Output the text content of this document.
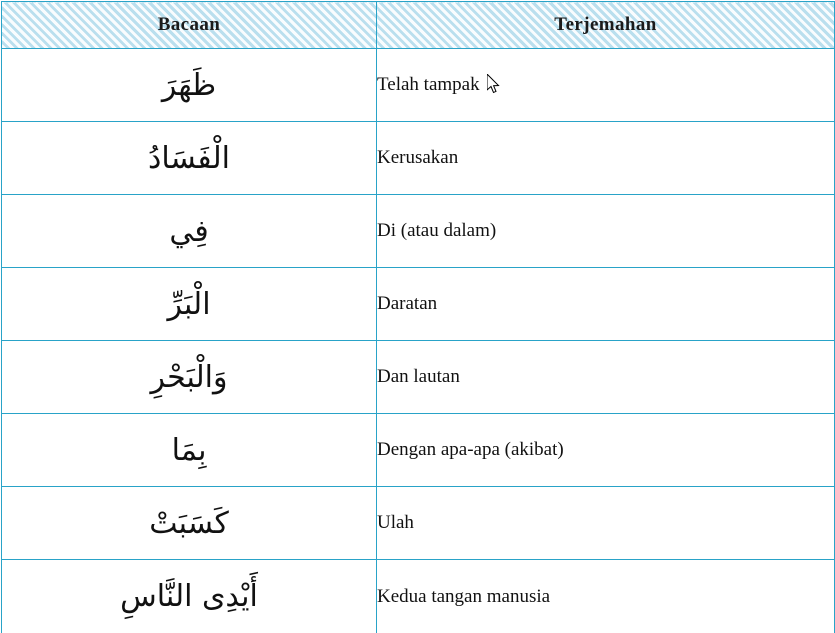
Bacaan	Terjemahan
ظَهَرَ	Telah tampak
الْفَسَادُ	Kerusakan
فِي	Di (atau dalam)
الْبَرِّ	Daratan
وَالْبَحْرِ	Dan lautan
بِمَا	Dengan apa-apa (akibat)
كَسَبَتْ	Ulah
أَيْدِى النَّاسِ	Kedua tangan manusia
